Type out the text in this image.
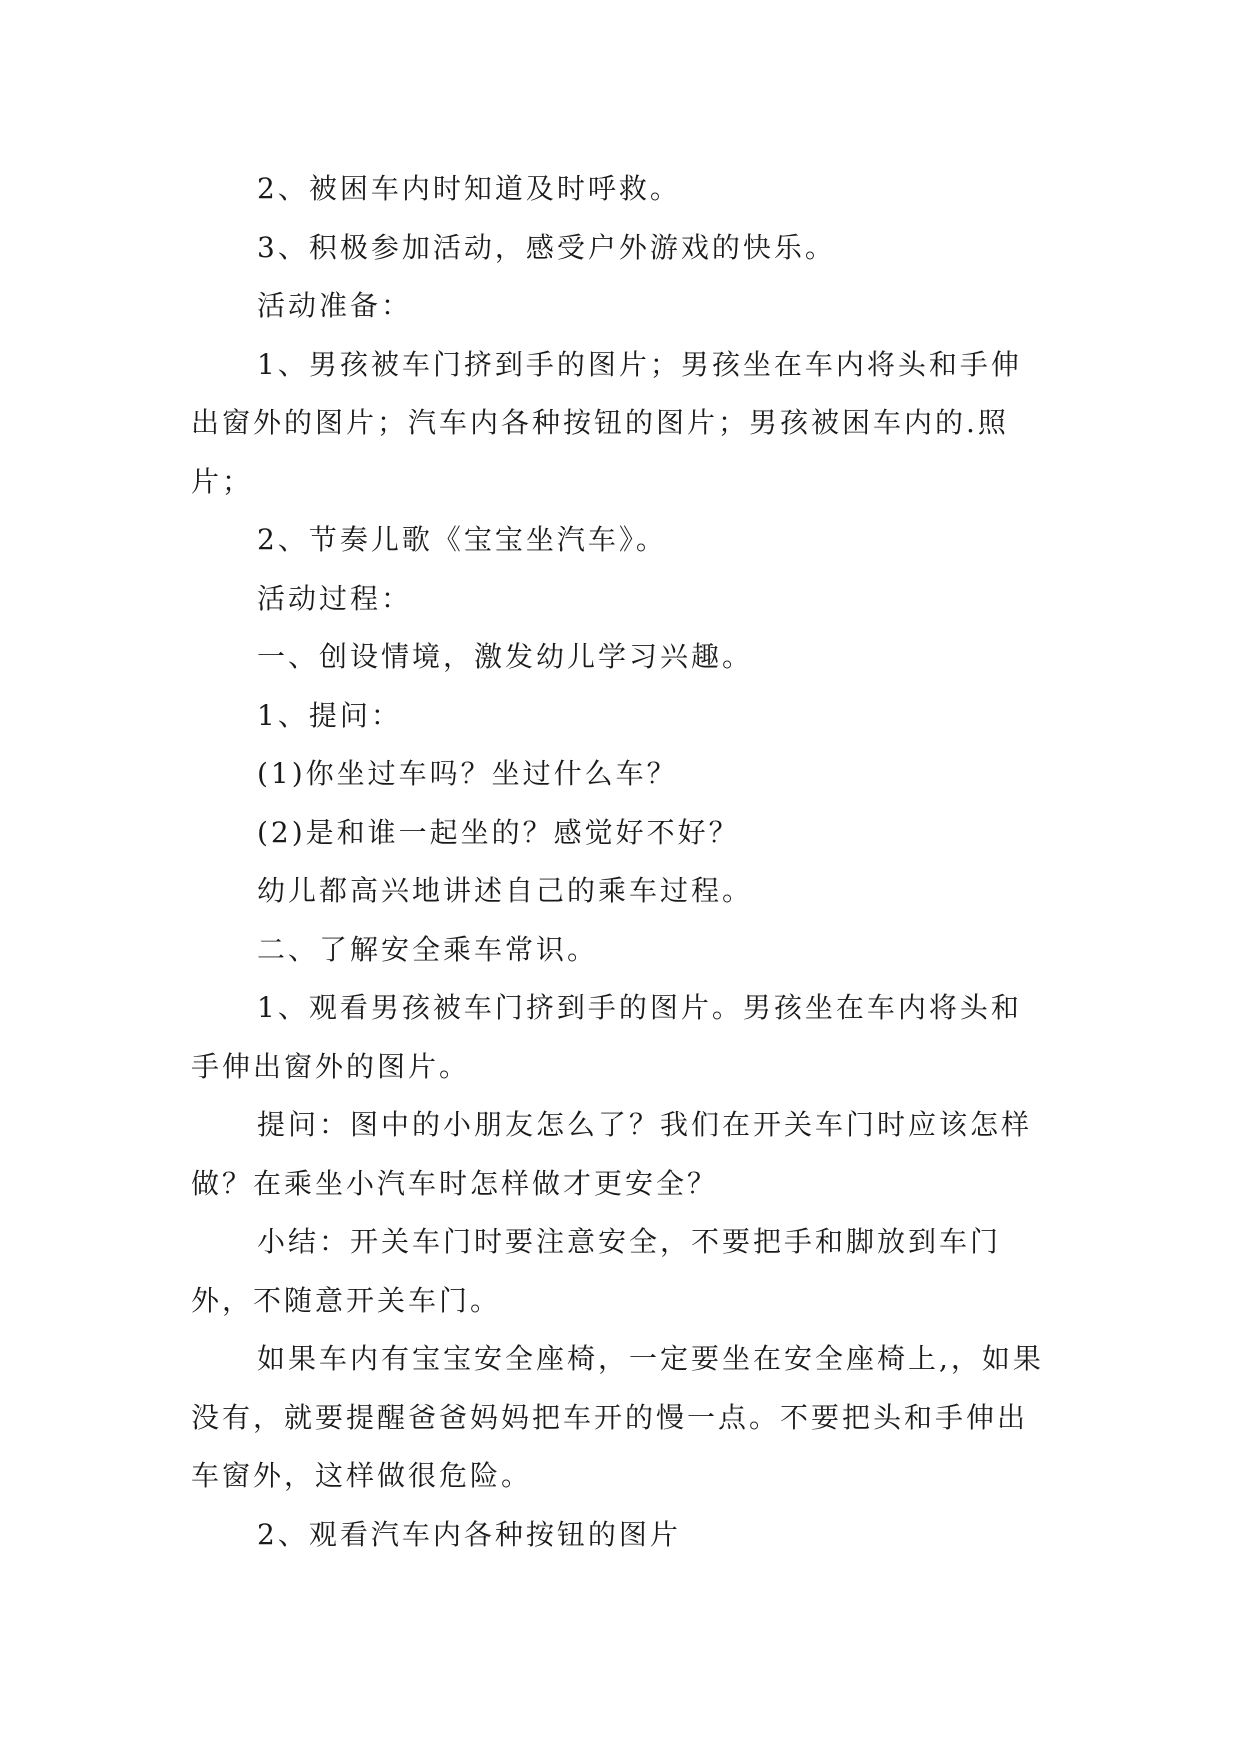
2、被困车内时知道及时呼救。

3、积极参加活动，感受户外游戏的快乐。

活动准备：

1、男孩被车门挤到手的图片；男孩坐在车内将头和手伸出窗外的图片；汽车内各种按钮的图片；男孩被困车内的.照片；

2、节奏儿歌《宝宝坐汽车》。

活动过程：

一、创设情境，激发幼儿学习兴趣。

1、提问：

(1)你坐过车吗？坐过什么车？

(2)是和谁一起坐的？感觉好不好？

幼儿都高兴地讲述自己的乘车过程。

二、了解安全乘车常识。

1、观看男孩被车门挤到手的图片。男孩坐在车内将头和手伸出窗外的图片。

提问：图中的小朋友怎么了？我们在开关车门时应该怎样做？在乘坐小汽车时怎样做才更安全？

小结：开关车门时要注意安全，不要把手和脚放到车门外，不随意开关车门。

如果车内有宝宝安全座椅，一定要坐在安全座椅上,，如果没有，就要提醒爸爸妈妈把车开的慢一点。不要把头和手伸出车窗外，这样做很危险。

2、观看汽车内各种按钮的图片
